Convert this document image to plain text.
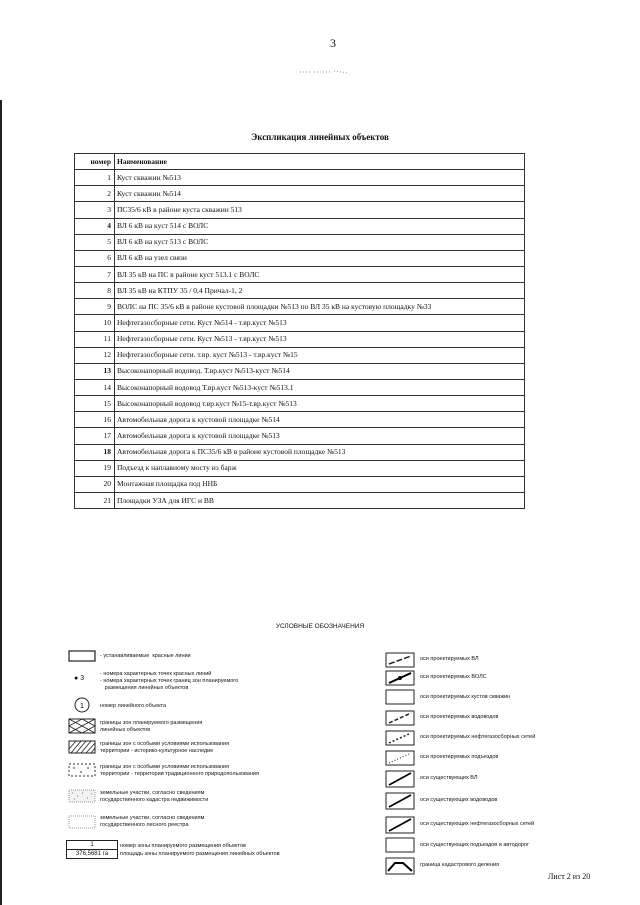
3
Экспликация линейных объектов
номер	Наименование
1	Куст скважин №513
2	Куст скважин №514
3	ПС35/6 кВ в районе куста скважин 513
4	ВЛ 6 кВ на куст 514 с ВОЛС
5	ВЛ 6 кВ на куст 513 с ВОЛС
6	ВЛ 6 кВ на узел связи
7	ВЛ 35 кВ на ПС в районе куст 513.1 с ВОЛС
8	ВЛ 35 кВ на КТПУ 35 / 0,4 Причал-1, 2
9	ВОЛС на ПС 35/6 кВ в районе кустовой площадки №513 по ВЛ 35 кВ на кустовую площадку №33
10	Нефтегазосборные сети. Куст №514 - т.вр.куст №513
11	Нефтегазосборные сети. Куст №513 - т.вр.куст №513
12	Нефтегазосборные сети. т.вр. куст №513 - т.вр.куст №15
13	Высоконапорный водовод. Т.вр.куст №513-куст №514
14	Высоконапорный водовод Т.вр.куст №513-куст №513.1
15	Высоконапорный водовод т.вр.куст №15-т.вр.куст №513
16	Автомобильная дорога к кустовой площадке №514
17	Автомобильная дорога к кустовой площадке №513
18	Автомобильная дорога к ПС35/6 кВ в районе кустовой площадке №513
19	Подъезд к наплавному мосту из барж
20	Монтажная площадка под ННБ
21	Площадки УЗА для ИГС и ВВ
УСЛОВНЫЕ ОБОЗНАЧЕНИЯ
- устанавливаемые  красные линии
● 3
- номера характерных точек красных линий
- номера характерных точек границ зон планируемого
размещения линейных объектов
1	номер линейного объекта
границы зон планируемого размещения
линейных объектов
границы зон с особыми условиями использования
территории - историко-культурное наследие
границы зон с особыми условиями использования
территории - территории традиционного природопользования
земельные участки, согласно сведениям
государственного кадастра недвижимости
земельные участки, согласно сведениям
государственного лесного реестра
1
376,5681 га
номер зоны планируемого размещения объектов
площадь зоны планируемого размещения линейных объектов
оси проектируемых ВЛ
оси проектируемых ВОЛС
оси проектируемых кустов скважин
оси проектируемых водоводов
оси проектируемых нефтегазосборных сетей
оси проектируемых подъездов
оси существующих ВЛ
оси существующих водоводов
оси существующих нефтегазосборных сетей
оси существующих подъездов и автодорог
граница кадастрового деления
Лист 2 из 20
